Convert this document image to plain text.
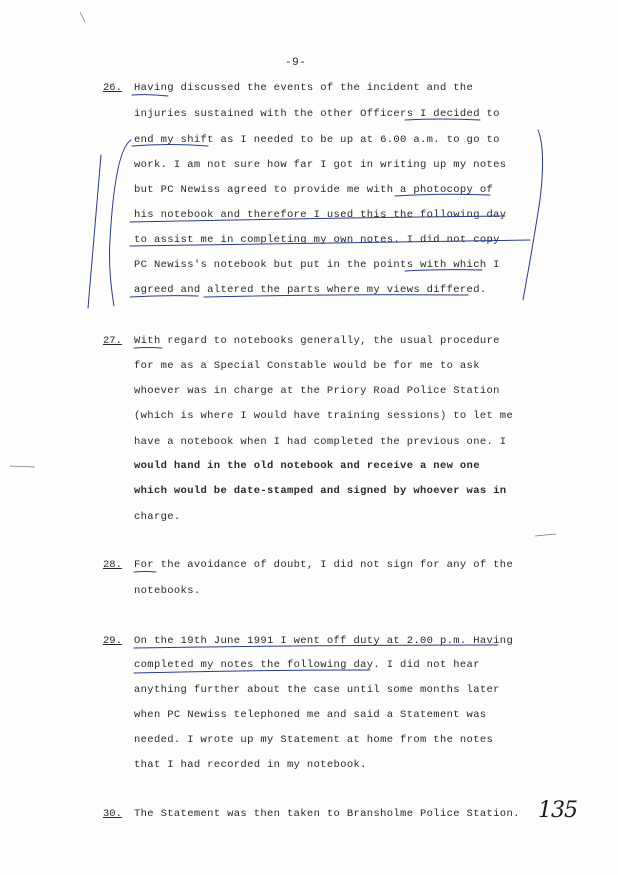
-9-
26. Having discussed the events of the incident and the
injuries sustained with the other Officers I decided to
end my shift as I needed to be up at 6.00 a.m. to go to
work. I am not sure how far I got in writing up my notes
but PC Newiss agreed to provide me with a photocopy of
his notebook and therefore I used this the following day
to assist me in completing my own notes. I did not copy
PC Newiss's notebook but put in the points with which I
agreed and altered the parts where my views differed.
27. With regard to notebooks generally, the usual procedure
for me as a Special Constable would be for me to ask
whoever was in charge at the Priory Road Police Station
(which is where I would have training sessions) to let me
have a notebook when I had completed the previous one. I
would hand in the old notebook and receive a new one
which would be date-stamped and signed by whoever was in
charge.
28. For the avoidance of doubt, I did not sign for any of the
notebooks.
29. On the 19th June 1991 I went off duty at 2.00 p.m. Having
completed my notes the following day. I did not hear
anything further about the case until some months later
when PC Newiss telephoned me and said a Statement was
needed. I wrote up my Statement at home from the notes
that I had recorded in my notebook.
30. The Statement was then taken to Bransholme Police Station. 135
